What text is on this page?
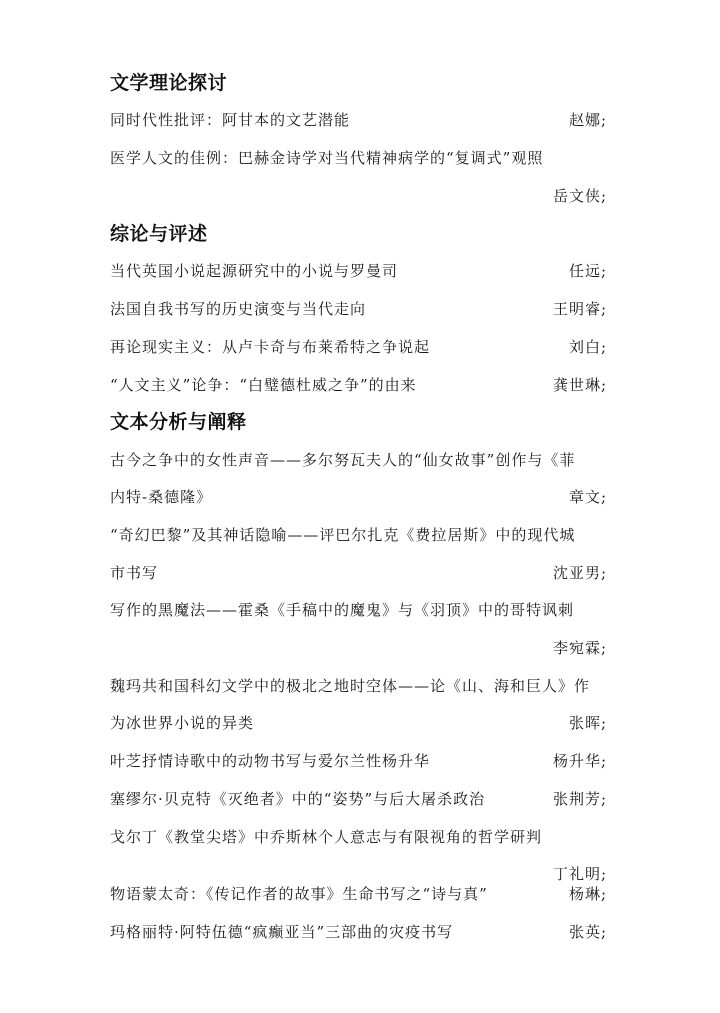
文学理论探讨
同时代性批评：阿甘本的文艺潜能	赵娜;
医学人文的佳例：巴赫金诗学对当代精神病学的“复调式”观照
岳文侠;
综论与评述
当代英国小说起源研究中的小说与罗曼司	任远;
法国自我书写的历史演变与当代走向	王明睿;
再论现实主义：从卢卡奇与布莱希特之争说起	刘白;
“人文主义”论争：“白璧德杜威之争”的由来	龚世琳;
文本分析与阐释
古今之争中的女性声音——多尔努瓦夫人的“仙女故事”创作与《菲
内特-桑德隆》	章文;
“奇幻巴黎”及其神话隐喻——评巴尔扎克《费拉居斯》中的现代城
市书写	沈亚男;
写作的黑魔法——霍桑《手稿中的魔鬼》与《羽顶》中的哥特讽刺
李宛霖;
魏玛共和国科幻文学中的极北之地时空体——论《山、海和巨人》作
为冰世界小说的异类	张晖;
叶芝抒情诗歌中的动物书写与爱尔兰性杨升华	杨升华;
塞缪尔·贝克特《灭绝者》中的“姿势”与后大屠杀政治	张荆芳;
戈尔丁《教堂尖塔》中乔斯林个人意志与有限视角的哲学研判
丁礼明;
物语蒙太奇：《传记作者的故事》生命书写之“诗与真”	杨琳;
玛格丽特·阿特伍德“疯癫亚当”三部曲的灾疫书写	张英;
